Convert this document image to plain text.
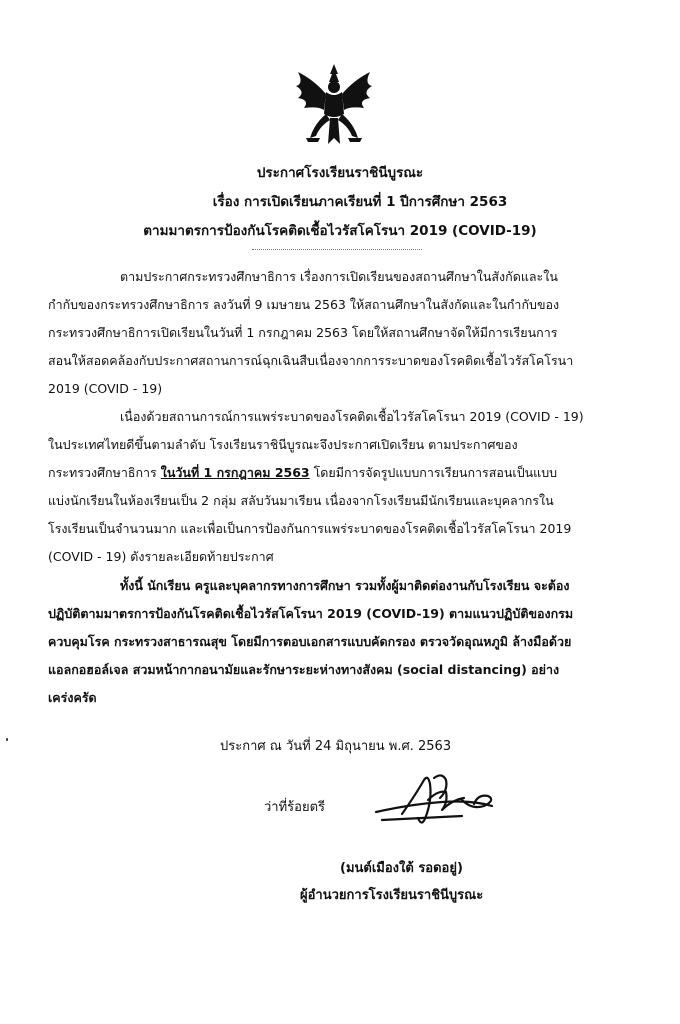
ประกาศโรงเรียนราชินีบูรณะ
เรื่อง การเปิดเรียนภาคเรียนที่ 1 ปีการศึกษา 2563
ตามมาตรการป้องกันโรคติดเชื้อไวรัสโคโรนา 2019 (COVID-19)
ตามประกาศกระทรวงศึกษาธิการ เรื่องการเปิดเรียนของสถานศึกษาในสังกัดและใน
กำกับของกระทรวงศึกษาธิการ ลงวันที่ 9 เมษายน 2563 ให้สถานศึกษาในสังกัดและในกำกับของ
กระทรวงศึกษาธิการเปิดเรียนในวันที่ 1 กรกฎาคม 2563 โดยให้สถานศึกษาจัดให้มีการเรียนการ
สอนให้สอดคล้องกับประกาศสถานการณ์ฉุกเฉินสืบเนื่องจากการระบาดของโรคติดเชื้อไวรัสโคโรนา
2019 (COVID - 19)
เนื่องด้วยสถานการณ์การแพร่ระบาดของโรคติดเชื้อไวรัสโคโรนา 2019 (COVID - 19)
ในประเทศไทยดีขึ้นตามลำดับ โรงเรียนราชินีบูรณะจึงประกาศเปิดเรียน ตามประกาศของ
กระทรวงศึกษาธิการ ในวันที่ 1 กรกฎาคม 2563 โดยมีการจัดรูปแบบการเรียนการสอนเป็นแบบ
แบ่งนักเรียนในห้องเรียนเป็น 2 กลุ่ม สลับวันมาเรียน เนื่องจากโรงเรียนมีนักเรียนและบุคลากรใน
โรงเรียนเป็นจำนวนมาก และเพื่อเป็นการป้องกันการแพร่ระบาดของโรคติดเชื้อไวรัสโคโรนา 2019
(COVID - 19) ดังรายละเอียดท้ายประกาศ
ทั้งนี้ นักเรียน ครูและบุคลากรทางการศึกษา รวมทั้งผู้มาติดต่องานกับโรงเรียน จะต้อง
ปฏิบัติตามมาตรการป้องกันโรคติดเชื้อไวรัสโคโรนา 2019 (COVID-19) ตามแนวปฏิบัติของกรม
ควบคุมโรค กระทรวงสาธารณสุข โดยมีการตอบเอกสารแบบคัดกรอง ตรวจวัดอุณหภูมิ ล้างมือด้วย
แอลกอฮอล์เจล สวมหน้ากากอนามัยและรักษาระยะห่างทางสังคม (social distancing) อย่าง
เคร่งครัด
ประกาศ ณ วันที่ 24 มิถุนายน พ.ศ. 2563
ว่าที่ร้อยตรี
(มนต์เมืองใต้ รอดอยู่)
ผู้อำนวยการโรงเรียนราชินีบูรณะ
